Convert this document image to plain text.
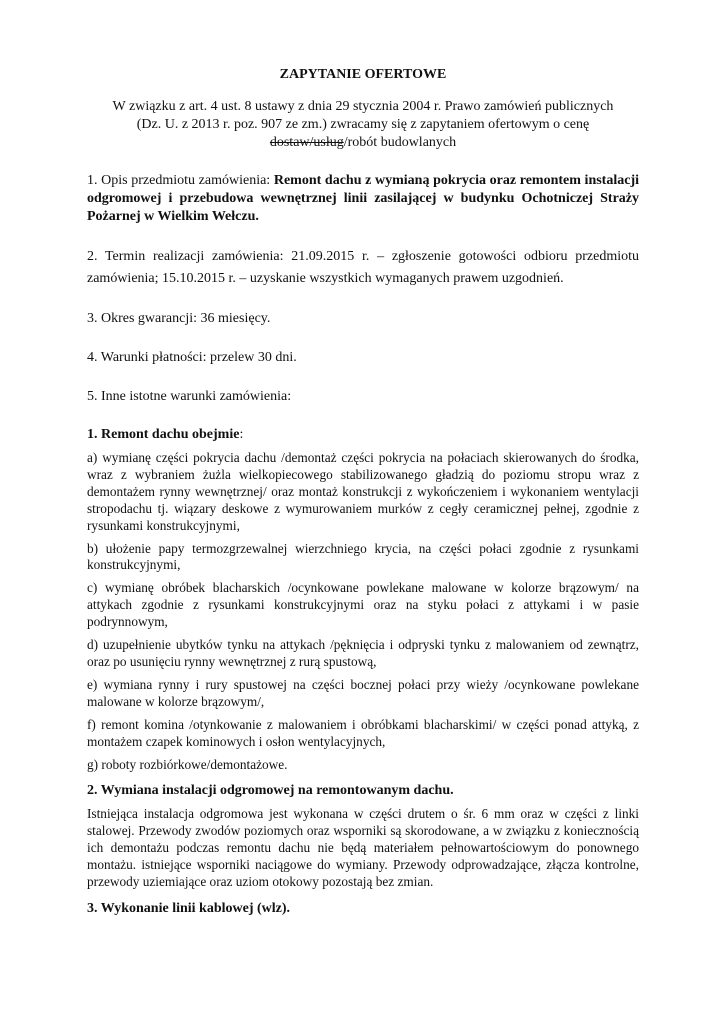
ZAPYTANIE OFERTOWE
W związku z art. 4 ust. 8 ustawy z dnia 29 stycznia 2004 r. Prawo zamówień publicznych
(Dz. U. z 2013 r. poz. 907 ze zm.) zwracamy się z zapytaniem ofertowym o cenę
dostaw/usług/robót budowlanych

1. Opis przedmiotu zamówienia: Remont dachu z wymianą pokrycia oraz remontem instalacji odgromowej i przebudowa wewnętrznej linii zasilającej w budynku Ochotniczej Straży Pożarnej w Wielkim Wełczu.

2. Termin realizacji zamówienia: 21.09.2015 r. – zgłoszenie gotowości odbioru przedmiotu zamówienia; 15.10.2015 r. – uzyskanie wszystkich wymaganych prawem uzgodnień.

3. Okres gwarancji: 36 miesięcy.

4. Warunki płatności: przelew 30 dni.

5. Inne istotne warunki zamówienia:

1. Remont dachu obejmie:

a) wymianę części pokrycia dachu /demontaż części pokrycia na połaciach skierowanych do środka, wraz z wybraniem żużla wielkopiecowego stabilizowanego gładzią do poziomu stropu wraz z demontażem rynny wewnętrznej/ oraz montaż konstrukcji z wykończeniem i wykonaniem wentylacji stropodachu tj. wiązary deskowe z wymurowaniem murków z cegły ceramicznej pełnej, zgodnie z rysunkami konstrukcyjnymi,

b) ułożenie papy termozgrzewalnej wierzchniego krycia, na części połaci zgodnie z rysunkami konstrukcyjnymi,

c) wymianę obróbek blacharskich /ocynkowane powlekane malowane w kolorze brązowym/ na attykach zgodnie z rysunkami konstrukcyjnymi oraz na styku połaci z attykami i w pasie podrynnowym,

d) uzupełnienie ubytków tynku na attykach /pęknięcia i odpryski tynku z malowaniem od zewnątrz, oraz po usunięciu rynny wewnętrznej z rurą spustową,

e) wymiana rynny i rury spustowej na części bocznej połaci przy wieży /ocynkowane powlekane malowane w kolorze brązowym/,

f) remont komina /otynkowanie z malowaniem i obróbkami blacharskimi/ w części ponad attyką, z montażem czapek kominowych i osłon wentylacyjnych,

g) roboty rozbiórkowe/demontażowe.

2. Wymiana instalacji odgromowej na remontowanym dachu.

Istniejąca instalacja odgromowa jest wykonana w części drutem o śr. 6 mm oraz w części z linki stalowej. Przewody zwodów poziomych oraz wsporniki są skorodowane, a w związku z koniecznością ich demontażu podczas remontu dachu nie będą materiałem pełnowartościowym do ponownego montażu. istniejące wsporniki naciągowe do wymiany. Przewody odprowadzające, złącza kontrolne, przewody uziemiające oraz uziom otokowy pozostają bez zmian.

3. Wykonanie linii kablowej (wlz).
